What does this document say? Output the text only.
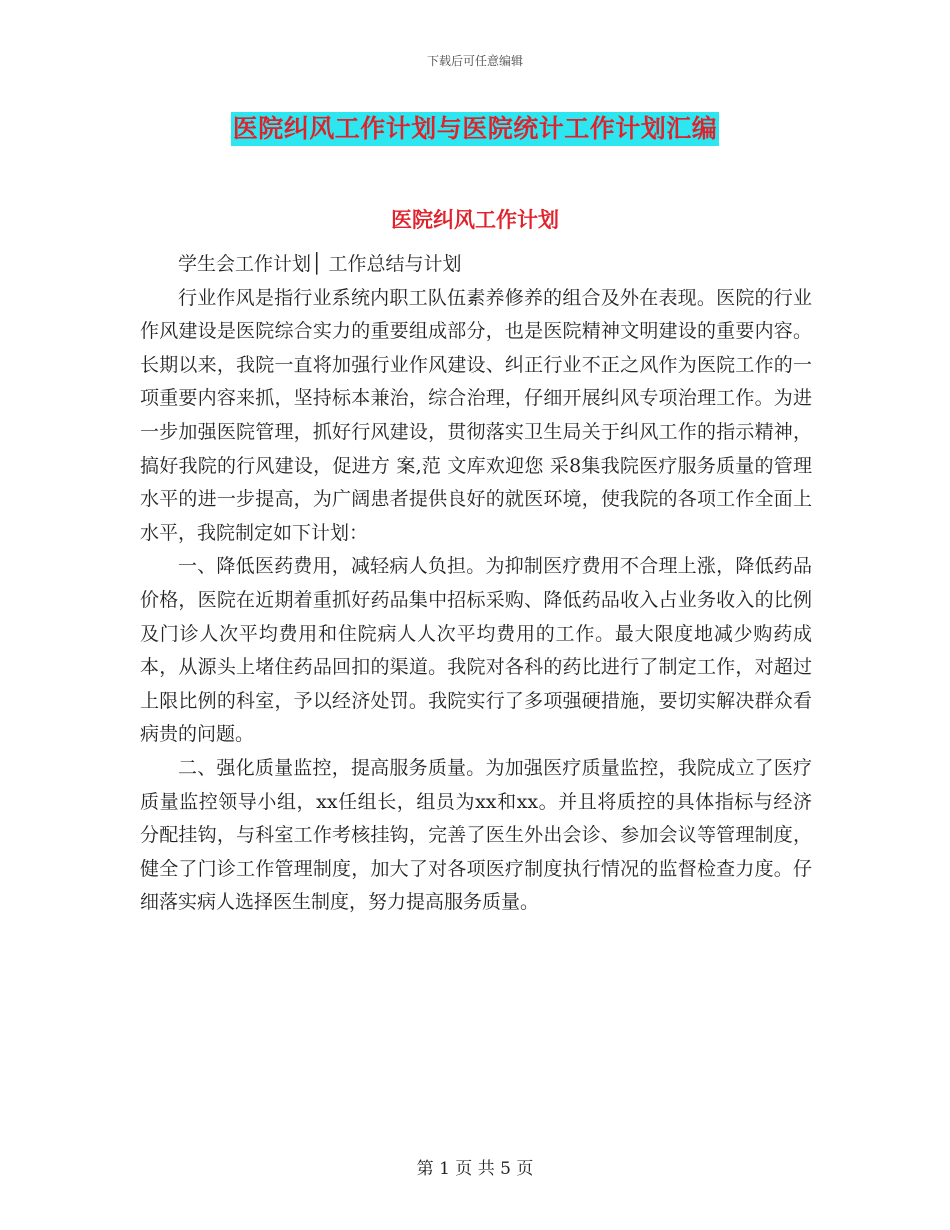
下载后可任意编辑
医院纠风工作计划与医院统计工作计划汇编
医院纠风工作计划

学生会工作计划│ 工作总结与计划

行业作风是指行业系统内职工队伍素养修养的组合及外在表现。医院的行业作风建设是医院综合实力的重要组成部分，也是医院精神文明建设的重要内容。长期以来，我院一直将加强行业作风建设、纠正行业不正之风作为医院工作的一项重要内容来抓，坚持标本兼治，综合治理，仔细开展纠风专项治理工作。为进一步加强医院管理，抓好行风建设，贯彻落实卫生局关于纠风工作的指示精神，搞好我院的行风建设，促进方 案,范 文库欢迎您 采8集我院医疗服务质量的管理水平的进一步提高，为广阔患者提供良好的就医环境，使我院的各项工作全面上水平，我院制定如下计划：

一、降低医药费用，减轻病人负担。为抑制医疗费用不合理上涨，降低药品价格，医院在近期着重抓好药品集中招标采购、降低药品收入占业务收入的比例及门诊人次平均费用和住院病人人次平均费用的工作。最大限度地减少购药成本，从源头上堵住药品回扣的渠道。我院对各科的药比进行了制定工作，对超过上限比例的科室，予以经济处罚。我院实行了多项强硬措施，要切实解决群众看病贵的问题。

二、强化质量监控，提高服务质量。为加强医疗质量监控，我院成立了医疗质量监控领导小组，xx任组长，组员为xx和xx。并且将质控的具体指标与经济分配挂钩，与科室工作考核挂钩，完善了医生外出会诊、参加会议等管理制度，健全了门诊工作管理制度，加大了对各项医疗制度执行情况的监督检查力度。仔细落实病人选择医生制度，努力提高服务质量。

第 1 页 共 5 页
